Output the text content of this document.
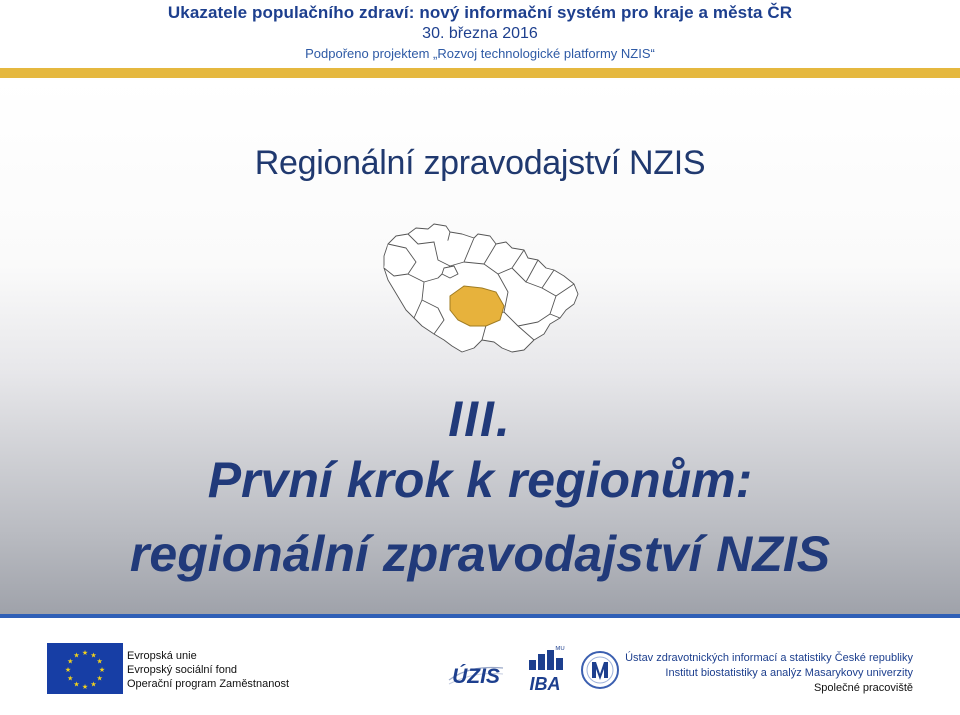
Ukazatele populačního zdraví: nový informační systém pro kraje a města ČR
30. března 2016
Podpořeno projektem „Rozvoj technologické platformy NZIS“
Regionální zpravodajství NZIS
III.
První krok k regionům:
regionální zpravodajství NZIS
★ ★
★
★
★
★
★
★
★
★
★
★	Evropská unie
Evropský sociální fond
Operační program Zaměstnanost	ÚZIS
MU
IBA
Ústav zdravotnických informací a statistiky České republiky
Institut biostatistiky a analýz Masarykovy univerzity
Společné pracoviště
